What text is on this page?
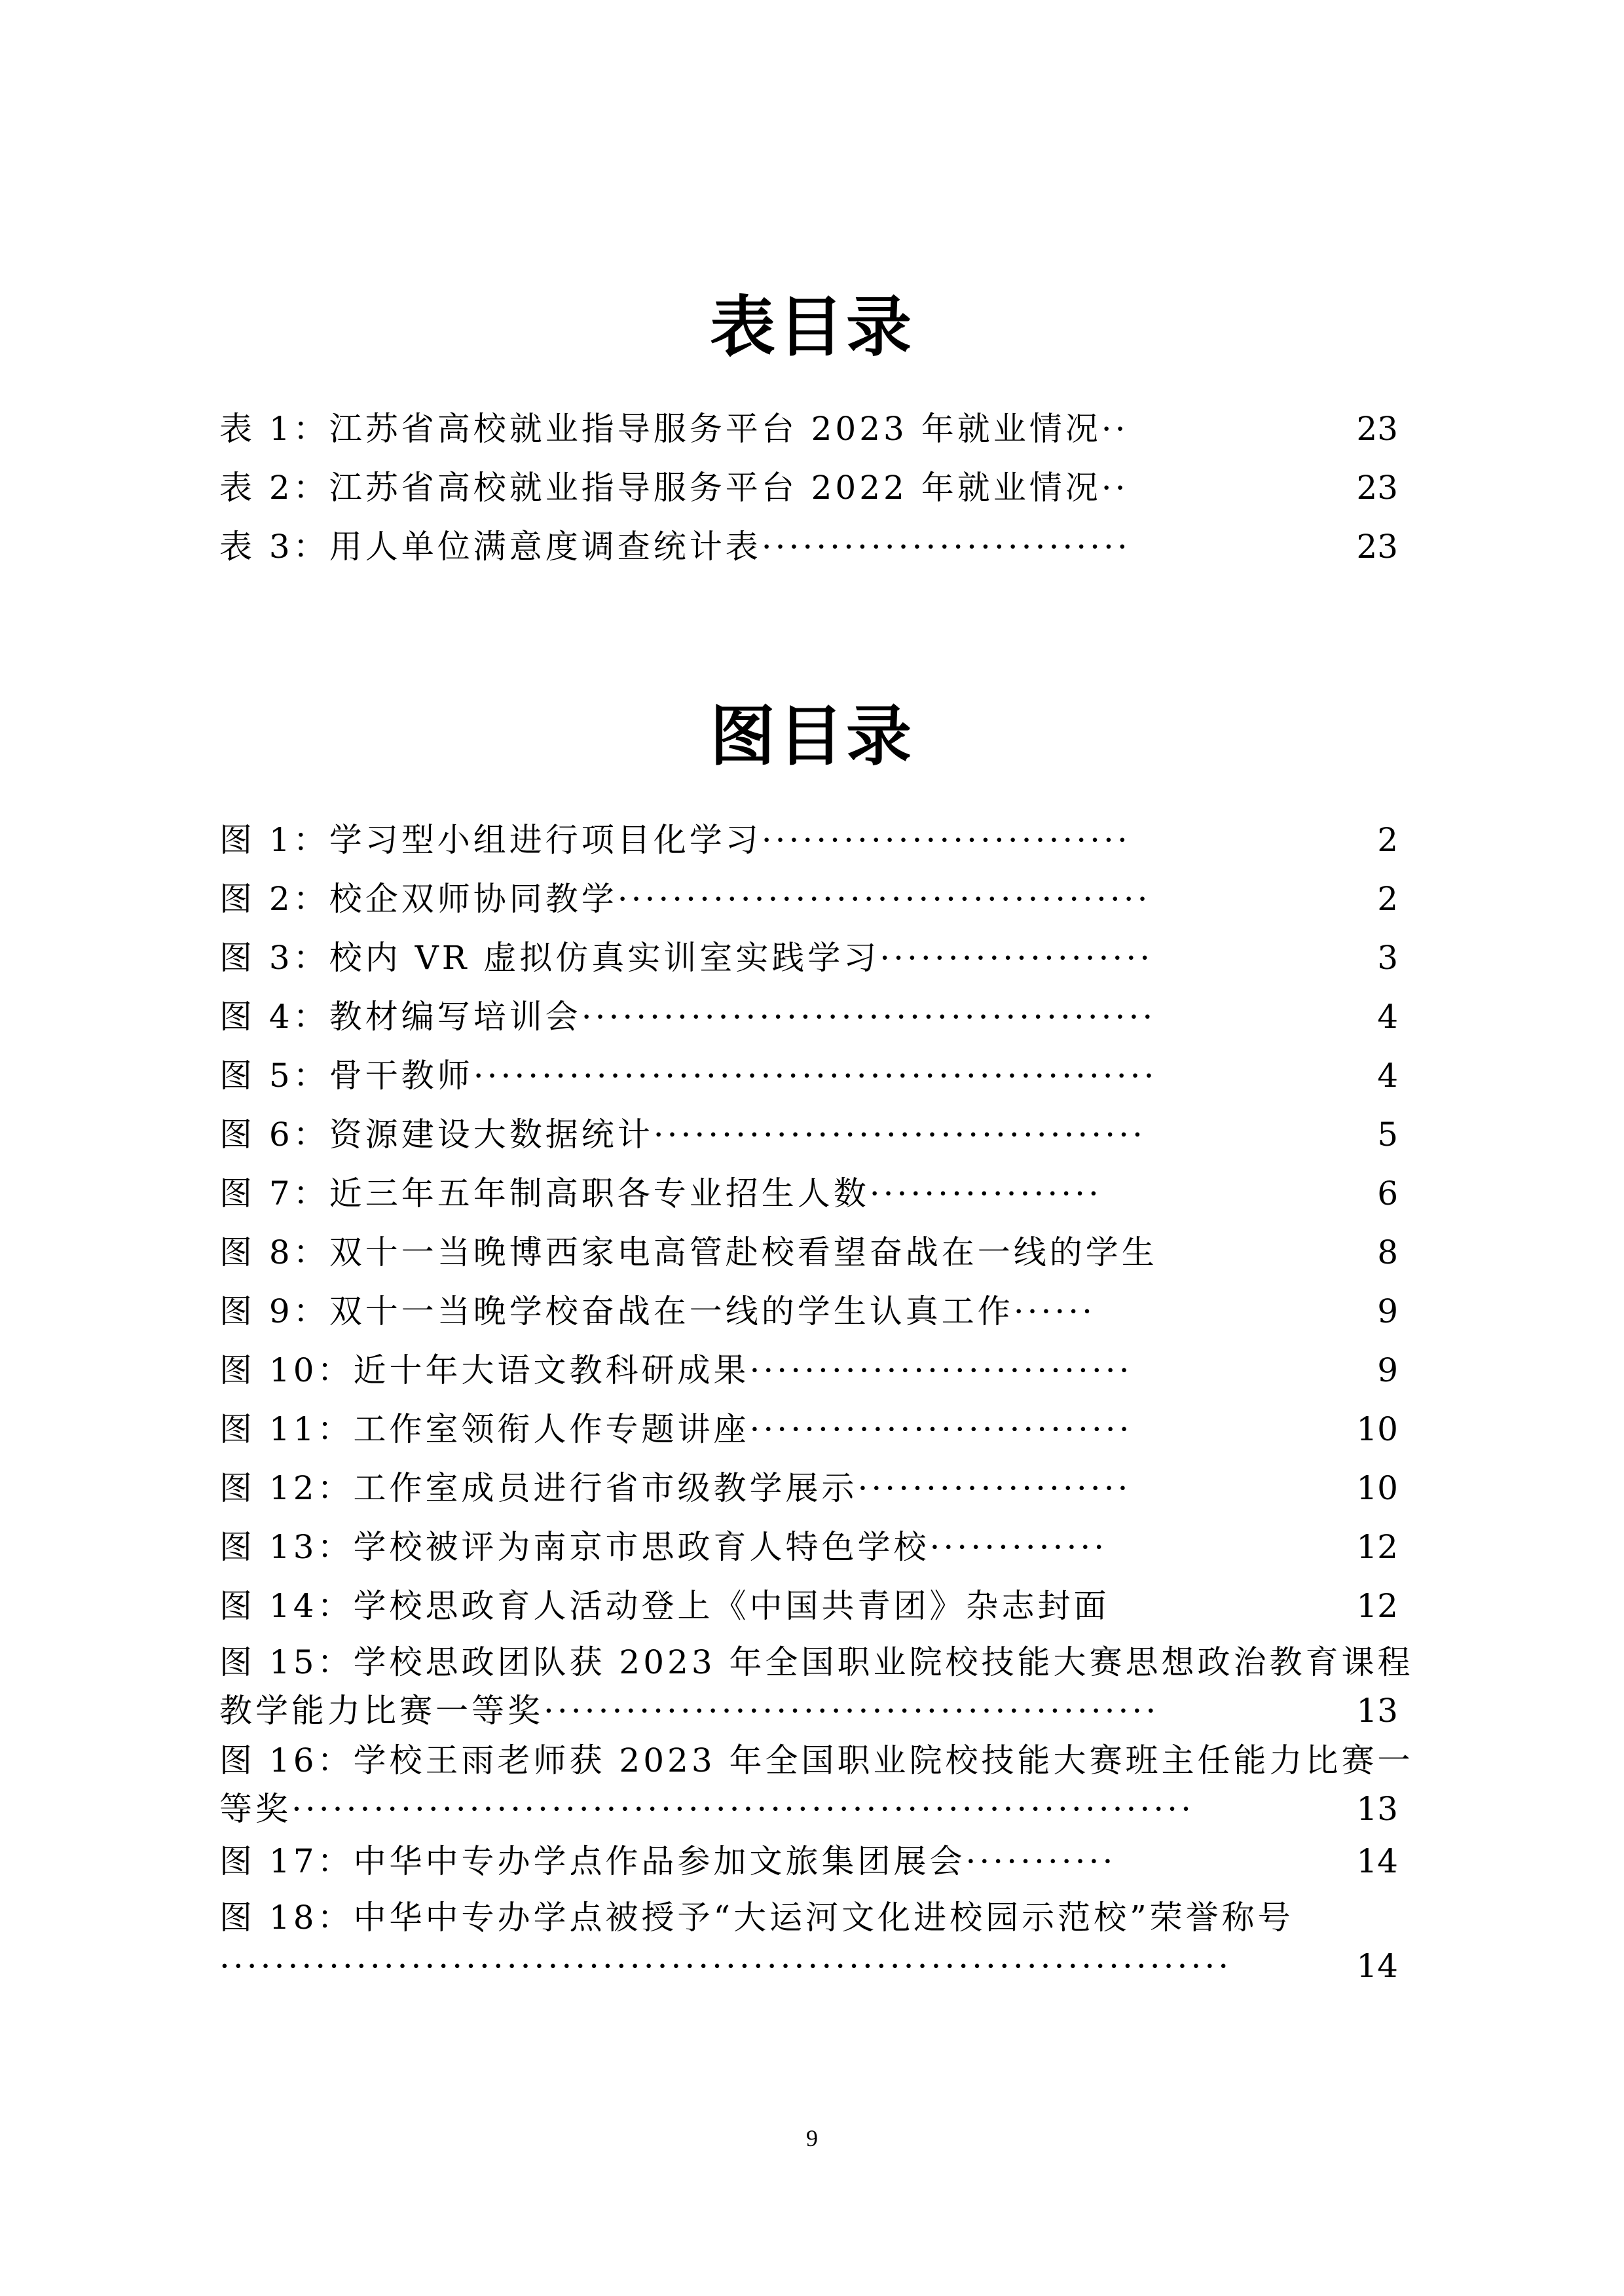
表目录
表 1：江苏省高校就业指导服务平台 2023 年就业情况··	23
表 2：江苏省高校就业指导服务平台 2022 年就业情况··	23
表 3：用人单位满意度调查统计表···························	23
图目录
图 1：学习型小组进行项目化学习···························	2
图 2：校企双师协同教学·······································	2
图 3：校内 VR 虚拟仿真实训室实践学习····················	3
图 4：教材编写培训会··········································	4
图 5：骨干教师··················································	4
图 6：资源建设大数据统计····································	5
图 7：近三年五年制高职各专业招生人数·················	6
图 8：双十一当晚博西家电高管赴校看望奋战在一线的学生	8
图 9：双十一当晚学校奋战在一线的学生认真工作······	9
图 10：近十年大语文教科研成果····························	9
图 11：工作室领衔人作专题讲座····························	10
图 12：工作室成员进行省市级教学展示····················	10
图 13：学校被评为南京市思政育人特色学校·············	12
图 14：学校思政育人活动登上《中国共青团》杂志封面	12
图 15：学校思政团队获 2023 年全国职业院校技能大赛思想政治教育课程教学能力比赛一等奖·············································	13
图 16：学校王雨老师获 2023 年全国职业院校技能大赛班主任能力比赛一等奖··································································	13
图 17：中华中专办学点作品参加文旅集团展会···········	14
图 18：中华中专办学点被授予“大运河文化进校园示范校”荣誉称号··········································································	14
9
